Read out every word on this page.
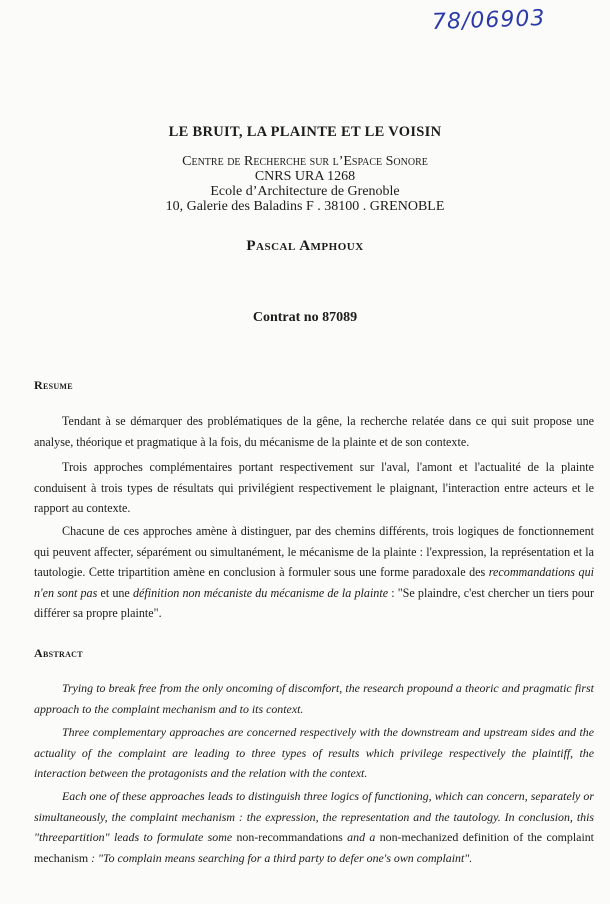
78/06903
LE BRUIT, LA PLAINTE ET LE VOISIN
Centre de Recherche sur l’Espace Sonore
CNRS URA 1268
Ecole d’Architecture de Grenoble
10, Galerie des Baladins F . 38100 . GRENOBLE
Pascal Amphoux
Contrat no 87089
Resume

Tendant à se démarquer des problématiques de la gêne, la recherche relatée dans ce qui suit propose une analyse, théorique et pragmatique à la fois, du mécanisme de la plainte et de son contexte.

Trois approches complémentaires portant respectivement sur l'aval, l'amont et l'actualité de la plainte conduisent à trois types de résultats qui privilégient respectivement le plaignant, l'interaction entre acteurs et le rapport au contexte.

Chacune de ces approches amène à distinguer, par des chemins différents, trois logiques de fonctionnement qui peuvent affecter, séparément ou simultanément, le mécanisme de la plainte : l'expression, la représentation et la tautologie. Cette tripartition amène en conclusion à formuler sous une forme paradoxale des recommandations qui n'en sont pas et une définition non mécaniste du mécanisme de la plainte : "Se plaindre, c'est chercher un tiers pour différer sa propre plainte".

Abstract

Trying to break free from the only oncoming of discomfort, the research propound a theoric and pragmatic first approach to the complaint mechanism and to its context.

Three complementary approaches are concerned respectively with the downstream and upstream sides and the actuality of the complaint are leading to three types of results which privilege respectively the plaintiff, the interaction between the protagonists and the relation with the context.

Each one of these approaches leads to distinguish three logics of functioning, which can concern, separately or simultaneously, the complaint mechanism : the expression, the representation and the tautology. In conclusion, this "threepartition" leads to formulate some non-recommandations and a non-mechanized definition of the complaint mechanism : "To complain means searching for a third party to defer one's own complaint".
